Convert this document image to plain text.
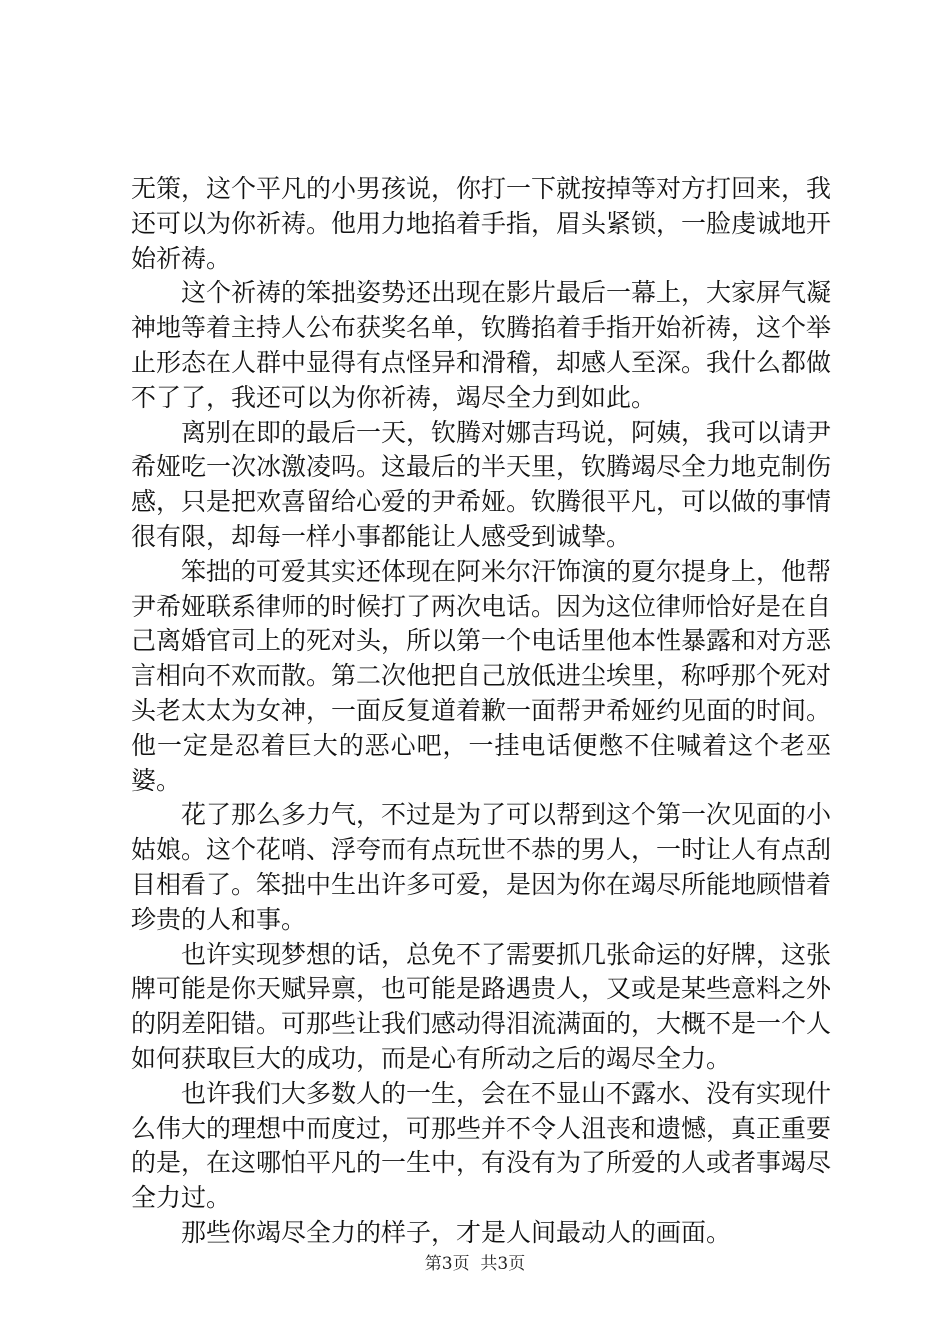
无策，这个平凡的小男孩说，你打一下就按掉等对方打回来，我还可以为你祈祷。他用力地掐着手指，眉头紧锁，一脸虔诚地开始祈祷。

这个祈祷的笨拙姿势还出现在影片最后一幕上，大家屏气凝神地等着主持人公布获奖名单，钦腾掐着手指开始祈祷，这个举止形态在人群中显得有点怪异和滑稽，却感人至深。我什么都做不了了，我还可以为你祈祷，竭尽全力到如此。

离别在即的最后一天，钦腾对娜吉玛说，阿姨，我可以请尹希娅吃一次冰激凌吗。这最后的半天里，钦腾竭尽全力地克制伤感，只是把欢喜留给心爱的尹希娅。钦腾很平凡，可以做的事情很有限，却每一样小事都能让人感受到诚挚。

笨拙的可爱其实还体现在阿米尔汗饰演的夏尔提身上，他帮尹希娅联系律师的时候打了两次电话。因为这位律师恰好是在自己离婚官司上的死对头，所以第一个电话里他本性暴露和对方恶言相向不欢而散。第二次他把自己放低进尘埃里，称呼那个死对头老太太为女神，一面反复道着歉一面帮尹希娅约见面的时间。他一定是忍着巨大的恶心吧，一挂电话便憋不住喊着这个老巫婆。

花了那么多力气，不过是为了可以帮到这个第一次见面的小姑娘。这个花哨、浮夸而有点玩世不恭的男人，一时让人有点刮目相看了。笨拙中生出许多可爱，是因为你在竭尽所能地顾惜着珍贵的人和事。

也许实现梦想的话，总免不了需要抓几张命运的好牌，这张牌可能是你天赋异禀，也可能是路遇贵人，又或是某些意料之外的阴差阳错。可那些让我们感动得泪流满面的，大概不是一个人如何获取巨大的成功，而是心有所动之后的竭尽全力。

也许我们大多数人的一生，会在不显山不露水、没有实现什么伟大的理想中而度过，可那些并不令人沮丧和遗憾，真正重要的是，在这哪怕平凡的一生中，有没有为了所爱的人或者事竭尽全力过。

那些你竭尽全力的样子，才是人间最动人的画面。

第3页  共3页
